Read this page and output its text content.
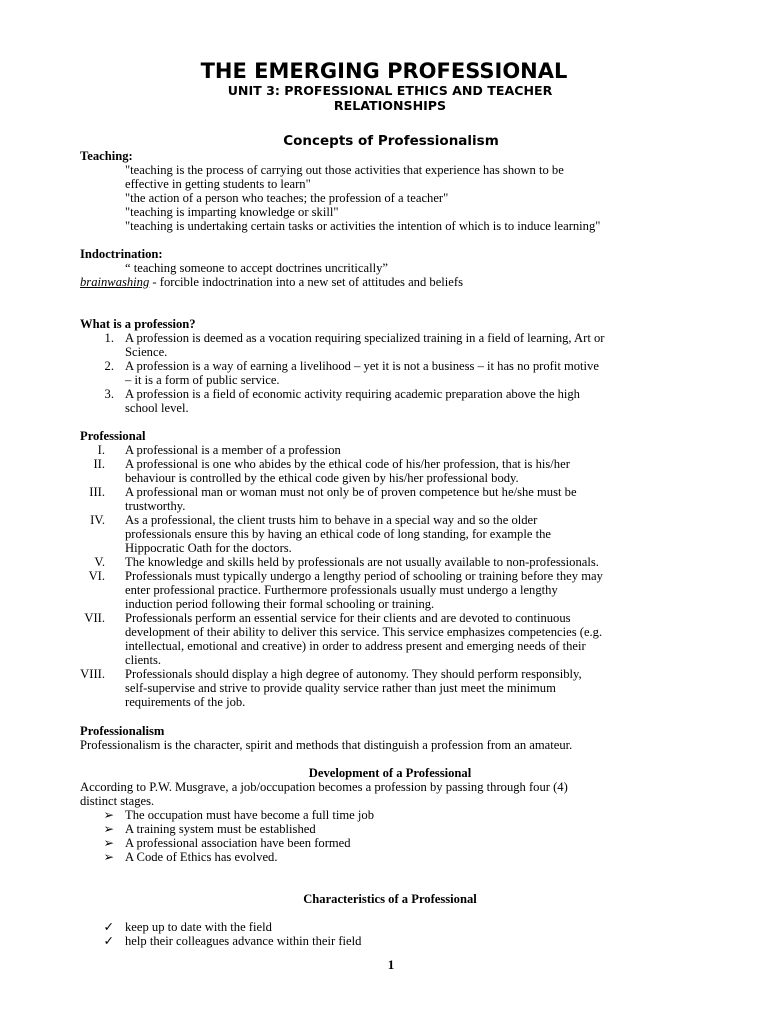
THE EMERGING PROFESSIONAL
UNIT 3: PROFESSIONAL ETHICS AND TEACHER RELATIONSHIPS
Concepts of Professionalism
Teaching:
"teaching is the process of carrying out those activities that experience has shown to be
effective in getting students to learn"
"the action of a person who teaches; the profession of a teacher"
"teaching is imparting knowledge or skill"
"teaching is undertaking certain tasks or activities the intention of which is to induce learning"
Indoctrination:
“ teaching someone to accept doctrines uncritically”
brainwashing - forcible indoctrination into a new set of attitudes and beliefs
What is a profession?
1. A profession is deemed as a vocation requiring specialized training in a field of learning, Art or
Science.
2. A profession is a way of earning a livelihood – yet it is not a business – it has no profit motive
– it is a form of public service.
3. A profession is a field of economic activity requiring academic preparation above the high
school level.
Professional
I. A professional is a member of a profession
II. A professional is one who abides by the ethical code of his/her profession, that is his/her
behaviour is controlled by the ethical code given by his/her professional body.
III. A professional man or woman must not only be of proven competence but he/she must be
trustworthy.
IV. As a professional, the client trusts him to behave in a special way and so the older
professionals ensure this by having an ethical code of long standing, for example the
Hippocratic Oath for the doctors.
V. The knowledge and skills held by professionals are not usually available to non-professionals.
VI. Professionals must typically undergo a lengthy period of schooling or training before they may
enter professional practice. Furthermore professionals usually must undergo a lengthy
induction period following their formal schooling or training.
VII. Professionals perform an essential service for their clients and are devoted to continuous
development of their ability to deliver this service. This service emphasizes competencies (e.g.
intellectual, emotional and creative) in order to address present and emerging needs of their
clients.
VIII. Professionals should display a high degree of autonomy. They should perform responsibly,
self-supervise and strive to provide quality service rather than just meet the minimum
requirements of the job.
Professionalism
Professionalism is the character, spirit and methods that distinguish a profession from an amateur.
Development of a Professional
According to P.W. Musgrave, a job/occupation becomes a profession by passing through four (4)
distinct stages.
➢ The occupation must have become a full time job
➢ A training system must be established
➢ A professional association have been formed
➢ A Code of Ethics has evolved.
Characteristics of a Professional
✓ keep up to date with the field
✓ help their colleagues advance within their field
1
